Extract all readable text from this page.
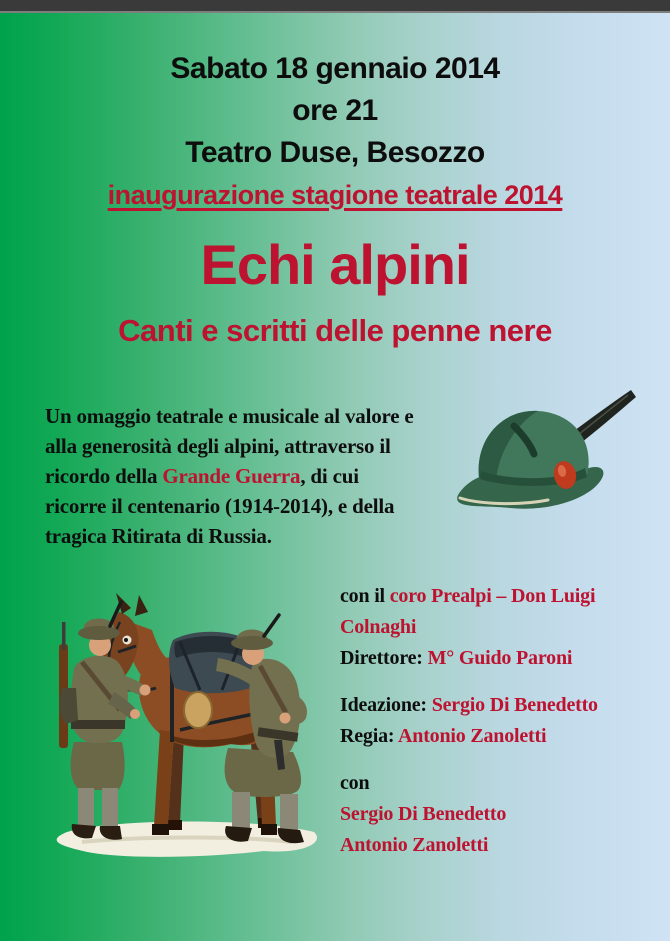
Sabato 18 gennaio 2014
ore 21
Teatro Duse, Besozzo
inaugurazione stagione teatrale 2014
Echi alpini
Canti e scritti delle penne nere
Un omaggio teatrale e musicale al valore e
alla generosità degli alpini, attraverso il
ricordo della Grande Guerra, di cui
ricorre il centenario (1914-2014), e della
tragica Ritirata di Russia.
con il coro Prealpi – Don Luigi
Colnaghi
Direttore: M° Guido Paroni
Ideazione: Sergio Di Benedetto
Regia: Antonio Zanoletti
con
Sergio Di Benedetto
Antonio Zanoletti
